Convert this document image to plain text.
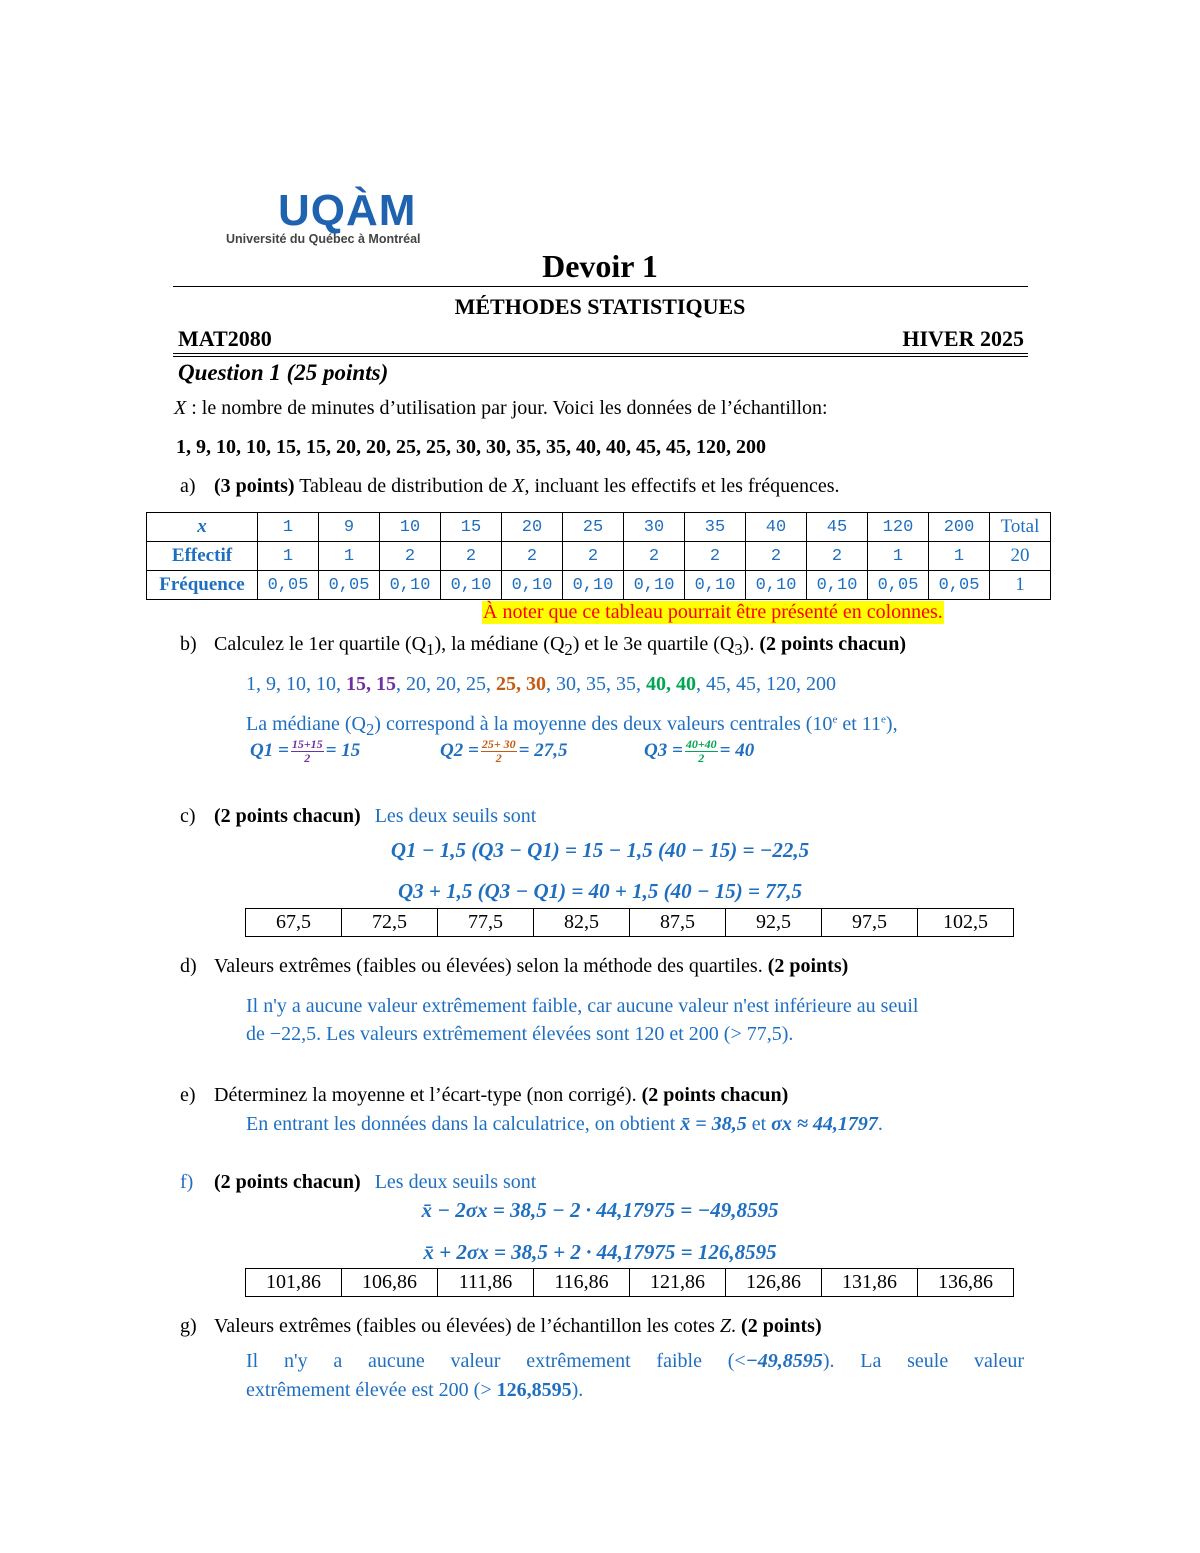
UQÀM
Université du Québec à Montréal
Devoir 1
MÉTHODES STATISTIQUES
MAT2080	HIVER 2025
Question 1 (25 points)
X : le nombre de minutes d’utilisation par jour. Voici les données de l’échantillon:
1, 9, 10, 10, 15, 15, 20, 20, 25, 25, 30, 30, 35, 35, 40, 40, 45, 45, 120, 200
a) (3 points) Tableau de distribution de X, incluant les effectifs et les fréquences.
x	1	9	10	15	20	25	30	35	40	45	120	200	Total
Effectif	1	1	2	2	2	2	2	2	2	2	1	1	20
Fréquence	0,05	0,05	0,10	0,10	0,10	0,10	0,10	0,10	0,10	0,10	0,05	0,05	1
À noter que ce tableau pourrait être présenté en colonnes.
b) Calculez le 1er quartile $(Q_1)$, la médiane $(Q_2)$ et le 3e quartile $(Q_3)$. (2 points chacun)
1, 9, 10, 10, 15, 15, 20, 20, 25, 25, 30, 30, 35, 35, 40, 40, 45, 45, 120, 200
La médiane $(Q_2)$ correspond à la moyenne des deux valeurs centrales (10e et 11e),
$Q1 = \frac{15+15}{2} = 15$	$Q2 = \frac{25+ 30}{2} = 27,5$	$Q3 = \frac{40+40}{2} = 40$
c) (2 points chacun) Les deux seuils sont
Q1 − 1,5 (Q3 − Q1) = 15 − 1,5 (40 − 15) = −22,5
Q3 + 1,5 (Q3 − Q1) = 40 + 1,5 (40 − 15) = 77,5
67,5	72,5	77,5	82,5	87,5	92,5	97,5	102,5
d) Valeurs extrêmes (faibles ou élevées) selon la méthode des quartiles. (2 points)
Il n'y a aucune valeur extrêmement faible, car aucune valeur n'est inférieure au seuil
de −22,5. Les valeurs extrêmement élevées sont 120 et 200 (> 77,5).
e) Déterminez la moyenne et l’écart-type (non corrigé). (2 points chacun)
En entrant les données dans la calculatrice, on obtient x̄ = 38,5 et σx ≈ 44,1797.
f) (2 points chacun) Les deux seuils sont
x̄ − 2σx = 38,5 − 2 · 44,17975 = −49,8595
x̄ + 2σx = 38,5 + 2 · 44,17975 = 126,8595
101,86	106,86	111,86	116,86	121,86	126,86	131,86	136,86
g) Valeurs extrêmes (faibles ou élevées) de l’échantillon les cotes Z. (2 points)
Il n'y a aucune valeur extrêmement faible (<−49,8595). La seule valeur
extrêmement élevée est 200 (> 126,8595).
